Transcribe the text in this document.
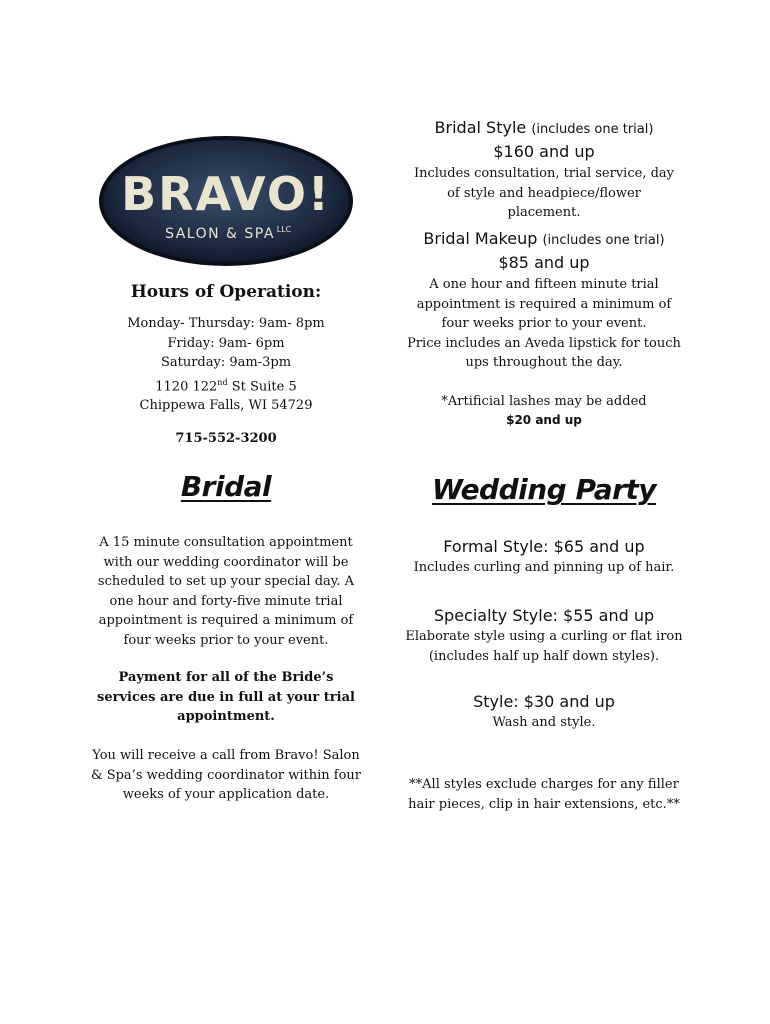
BRAVO!
SALON & SPA LLC
Hours of Operation:
Monday- Thursday: 9am- 8pm
Friday: 9am- 6pm
Saturday: 9am-3pm
1120 122nd St Suite 5
Chippewa Falls, WI 54729
715-552-3200
Bridal
A 15 minute consultation appointment with our wedding coordinator will be scheduled to set up your special day. A one hour and forty-five minute trial appointment is required a minimum of four weeks prior to your event.
Payment for all of the Bride’s services are due in full at your trial appointment.
You will receive a call from Bravo! Salon & Spa’s wedding coordinator within four weeks of your application date.
Bridal Style (includes one trial)
$160 and up
Includes consultation, trial service, day of style and headpiece/flower placement.
Bridal Makeup (includes one trial)
$85 and up
A one hour and fifteen minute trial appointment is required a minimum of four weeks prior to your event.
Price includes an Aveda lipstick for touch ups throughout the day.
*Artificial lashes may be added
$20 and up
Wedding Party
Formal Style: $65 and up
Includes curling and pinning up of hair.
Specialty Style: $55 and up
Elaborate style using a curling or flat iron (includes half up half down styles).
Style: $30 and up
Wash and style.
**All styles exclude charges for any filler hair pieces, clip in hair extensions, etc.**
